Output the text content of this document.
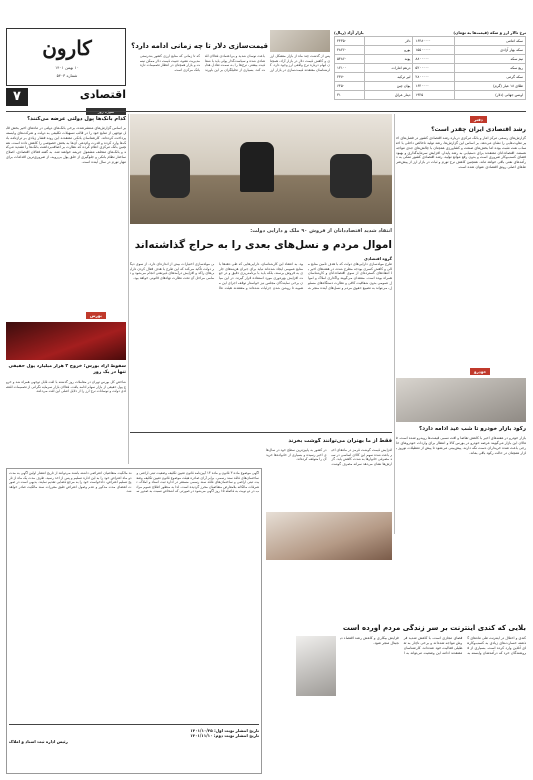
کارون
۱۰ بهمن ۱۴۰۱
شماره ۵۴۰۳
قیمت‌سازی دلار تا چه زمانی ادامه دارد؟
پس از گذشت چند ماه از بازار متشکل ارزی و کاهش قیمت دلار در بازار آزاد، همچنان ابهام درباره نرخ واقعی ارز وجود دارد. کارشناسان معتقدند قیمت‌سازی در بازار ارز باعث نوسان شدید و بی‌اعتمادی فعالان اقتصادی شده و سیاست‌گذار پولی باید با شفافیت بیشتر، نرخ‌ها را به سمت تعادل هدایت کند. بسیاری از تحلیلگران بر این باورند که تا زمانی که منابع ارزی کشور به‌درستی مدیریت نشود، تثبیت قیمت دلار ممکن نیست و بازار همچنان در انتظار تصمیمات تازه بانک مرکزی است.
نرخ تالار ارز و سکه (قیمت‌ها به تومان)
بازار آزاد (ریال)
سکه امامی	۱۶۴۸۰۰۰۰	دلار	۴۴۳۵۰
سکه بهار آزادی	۱۵۵۰۰۰۰۰	یورو	۴۸۲۶۰
نیم سکه	۸۸۰۰۰۰۰	پوند	۵۴۸۶۰
ربع سکه	۵۲۰۰۰۰۰	درهم امارات	۱۲۱۰۰
سکه گرمی	۲۸۰۰۰۰۰	لیر ترکیه	۲۳۷۰
طلای ۱۸ عیار (گرم)	۱۶۴۰۰۰۰	یوان چین	۶۴۵۰
اونس جهانی (دلار)	۱۹۲۵	دینار عراق	۳۱
۷	اقتصادی
سوژه روز
کدام بانک‌ها پول دولتی عرضه می‌کنند؟
بر اساس گزارش‌های منتشرشده، برخی بانک‌های دولتی در ماه‌های اخیر بخش قابل توجهی از منابع خود را در قالب تسهیلات تکلیفی به دولت و شرکت‌های وابسته پرداخت کرده‌اند. کارشناسان بانکی معتقدند این روند فشار زیادی بر ترازنامه بانک‌ها وارد کرده و قدرت وام‌دهی آن‌ها به بخش خصوصی را کاهش داده است. همچنین بانک مرکزی اعلام کرده که نظارت بر اضافه‌برداشت بانک‌ها را تشدید می‌کند و بانک‌های متخلف مشمول جریمه خواهند شد. به گفته فعالان اقتصادی، اصلاح ساختار نظام بانکی و جلوگیری از خلق پول بی‌رویه، از ضروری‌ترین اقدامات برای مهار تورم در سال آینده است.
بورس
سقوط آزاد بورس؛ خروج ۲ هزار میلیارد پول حقیقی تنها در یک روز
شاخص کل بورس تهران در معاملات روز گذشته با افت قابل توجهی همراه شد و خروج پول حقیقی از بازار سهام ادامه یافت. فعالان بازار سرمایه نگرانی از تصمیمات اقتصادی دولت و نوسانات نرخ ارز را از دلایل اصلی این افت می‌دانند.
انتقاد شدید اقتصاددانان از فروش ۹۰ ملک و دارایی دولت:
اموال مردم و نسل‌های بعدی را به حراج گذاشته‌اند
گروه اقتصادی
طرح مولدسازی دارایی‌های دولت که با هدف تأمین منابع مالی و کاهش کسری بودجه مطرح شده، در هفته‌های اخیر با انتقادهای گسترده‌ای از سوی اقتصاددانان و کارشناسان همراه بوده است. منتقدان می‌گویند واگذاری املاک و اموال عمومی بدون شفافیت کافی و نظارت دستگاه‌های مسئول، می‌تواند به تضییع حقوق مردم و نسل‌های آینده منجر شود. به اعتقاد این کارشناسان، دارایی‌هایی که طی دهه‌ها با منابع عمومی ایجاد شده‌اند نباید برای جبران هزینه‌های جاری به فروش برسند، بلکه باید با برنامه‌ریزی دقیق و در جهت افزایش بهره‌وری مورد استفاده قرار گیرند. در این میان برخی نمایندگان مجلس نیز خواستار توقف اجرای این مصوبه تا روشن شدن جزئیات شده‌اند و معتقدند هیئت عالی مولدسازی اختیارات بیش از اندازه‌ای دارد. از سوی دیگر دولت تأکید می‌کند که این طرح با هدف فعال کردن دارایی‌های راکد و افزایش درآمدهای غیرنفتی انجام می‌شود و تمامی مراحل آن تحت نظارت نهادهای قانونی خواهد بود.
دفتر
رشد اقتصادی ایران چقدر است؟
گزارش‌های رسمی مرکز آمار و بانک مرکزی درباره رشد اقتصادی کشور در فصل‌های اخیر تفاوت‌هایی را نشان می‌دهد. بر اساس این گزارش‌ها، رشد تولید ناخالص داخلی با احتساب نفت مثبت بوده اما بخش‌های صنعت و کشاورزی همچنان با چالش‌های جدی مواجه هستند. اقتصاددانان معتقدند برای دستیابی به رشد پایدار، افزایش سرمایه‌گذاری و بهبود فضای کسب‌وکار ضروری است و بدون رفع موانع تولید، رشد اقتصادی کشور متکی به درآمدهای نفتی باقی خواهد ماند. همچنین کاهش نرخ تورم و ثبات در بازار ارز از پیش‌شرط‌های اصلی رونق اقتصادی عنوان شده است.
خودرو
رکود بازار خودرو تا شب عید ادامه دارد؟
بازار خودرو در هفته‌های اخیر با کاهش تقاضا و افت نسبی قیمت‌ها روبه‌رو شده است. فعالان این بازار می‌گویند عرضه خودرو در بورس کالا و انتظار برای واردات خودروهای خارجی باعث شده خریداران دست نگه دارند. پیش‌بینی می‌شود تا پیش از تعطیلات نوروز بازار همچنان در حالت رکود باقی بماند.
فقط از ما بهتران می‌توانند گوشت بخرند
افزایش قیمت گوشت قرمز در ماه‌های اخیر باعث شده سهم این کالای اساسی در سبد مصرفی خانوارها به شدت کاهش یابد. گزارش‌ها نشان می‌دهد سرانه مصرف گوشت در کشور به پایین‌ترین سطح خود در سال‌های اخیر رسیده و بسیاری از خانواده‌ها خرید آن را متوقف کرده‌اند.
بلایی که کندی اینترنت بر سر زندگی مردم آورده است
کندی و اختلال در اینترنت طی ماه‌های گذشته خسارت‌های زیادی به کسب‌وکارهای آنلاین وارد کرده است. بسیاری از فروشندگان خرد که درآمدشان وابسته به فضای مجازی است، با کاهش شدید فروش مواجه شده‌اند و برخی ناچار به تعطیلی فعالیت خود شده‌اند. کارشناسان معتقدند ادامه این وضعیت می‌تواند به افزایش بیکاری و کاهش رشد اقتصاد دیجیتال منجر شود.
آگهی موضوع ماده ۳ قانون و ماده ۱۳ آیین‌نامه قانون تعیین تکلیف وضعیت ثبتی اراضی و ساختمان‌های فاقد سند رسمی. برابر آرای صادره هیئت موضوع قانون تعیین تکلیف وضعیت ثبتی اراضی و ساختمان‌های فاقد سند رسمی مستقر در اداره ثبت اسناد و املاک، تصرفات مالکانه بلامعارض متقاضیان محرز گردیده است. لذا به منظور اطلاع عموم مراتب در دو نوبت به فاصله ۱۵ روز آگهی می‌شود در صورتی که اشخاص نسبت به صدور سند مالکیت متقاضیان اعتراضی داشته باشند می‌توانند از تاریخ انتشار اولین آگهی به مدت دو ماه اعتراض خود را به این اداره تسلیم و پس از اخذ رسید، ظرف مدت یک ماه از تاریخ تسلیم اعتراض، دادخواست خود را به مرجع قضایی تقدیم نمایند. بدیهی است در صورت انقضای مدت مذکور و عدم وصول اعتراض طبق مقررات سند مالکیت صادر خواهد شد.
تاریخ انتشار نوبت اول: ۱۴۰۱/۱۰/۲۵
تاریخ انتشار نوبت دوم: ۱۴۰۱/۱۱/۱۰
رئیس اداره ثبت اسناد و املاک
